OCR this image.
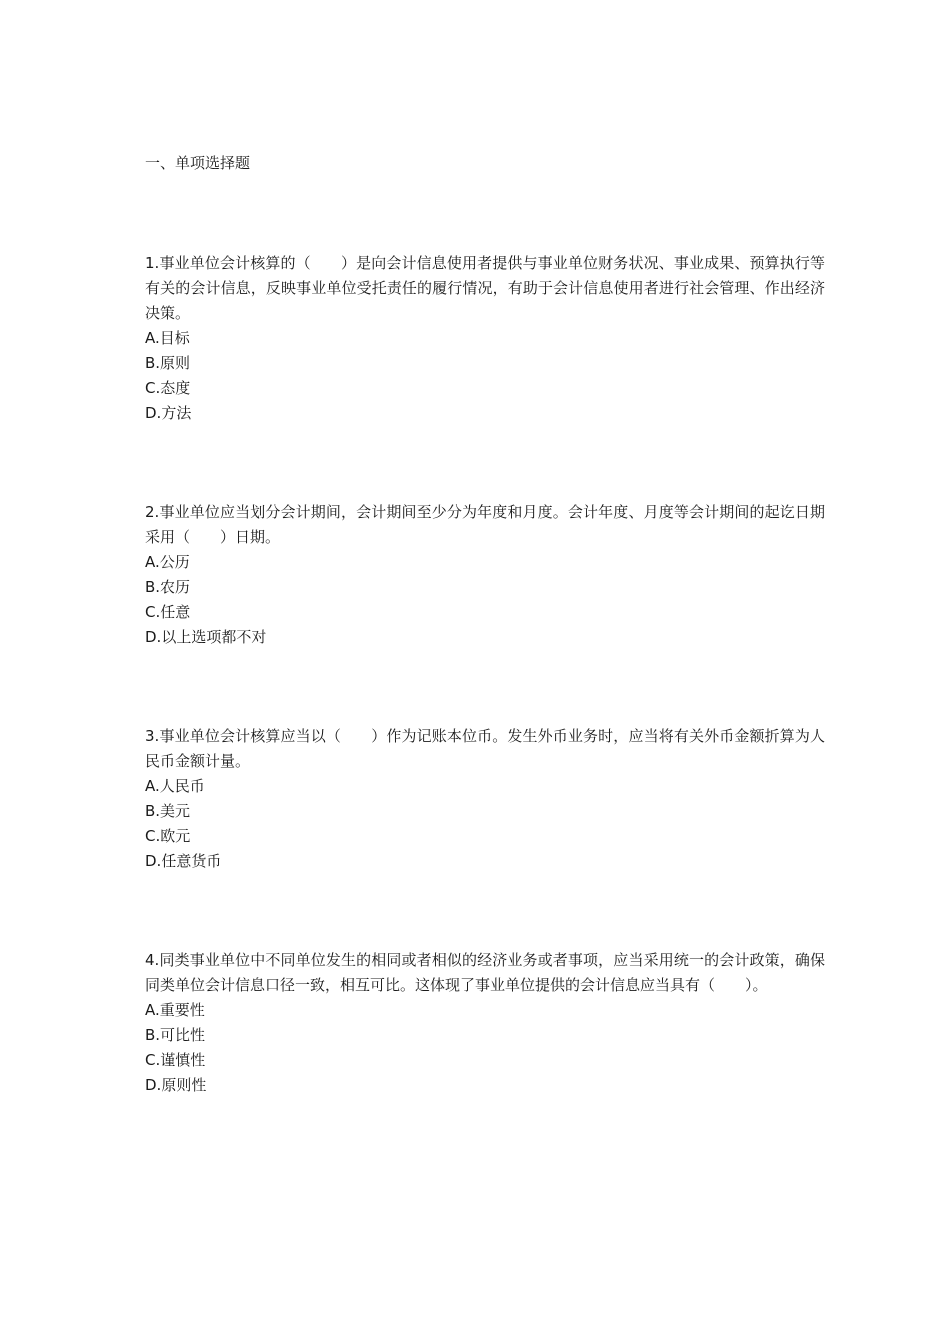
一、单项选择题

1.事业单位会计核算的（　　）是向会计信息使用者提供与事业单位财务状况、事业成果、预算执行等有关的会计信息，反映事业单位受托责任的履行情况，有助于会计信息使用者进行社会管理、作出经济决策。

A.目标

B.原则

C.态度

D.方法

2.事业单位应当划分会计期间，会计期间至少分为年度和月度。会计年度、月度等会计期间的起讫日期采用（　　）日期。

A.公历

B.农历

C.任意

D.以上选项都不对

3.事业单位会计核算应当以（　　）作为记账本位币。发生外币业务时，应当将有关外币金额折算为人民币金额计量。

A.人民币

B.美元

C.欧元

D.任意货币

4.同类事业单位中不同单位发生的相同或者相似的经济业务或者事项，应当采用统一的会计政策，确保同类单位会计信息口径一致，相互可比。这体现了事业单位提供的会计信息应当具有（　　）。

A.重要性

B.可比性

C.谨慎性

D.原则性
